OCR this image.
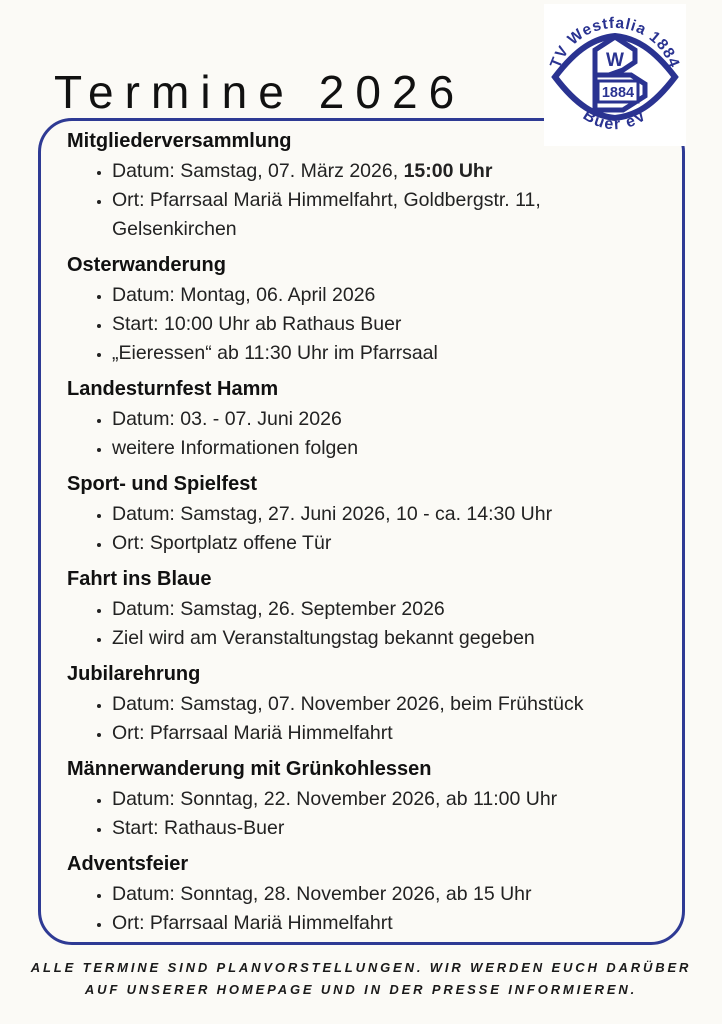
Termine 2026
TV Westfalia 1884
Buer eV
W
1884
Mitgliederversammlung
• Datum: Samstag, 07. März 2026, 15:00 Uhr
• Ort: Pfarrsaal Mariä Himmelfahrt, Goldbergstr. 11, Gelsenkirchen
Osterwanderung
• Datum: Montag, 06. April 2026
• Start: 10:00 Uhr ab Rathaus Buer
• „Eieressen“ ab 11:30 Uhr im Pfarrsaal
Landesturnfest Hamm
• Datum: 03. - 07. Juni 2026
• weitere Informationen folgen
Sport- und Spielfest
• Datum: Samstag, 27. Juni 2026, 10 - ca. 14:30 Uhr
• Ort: Sportplatz offene Tür
Fahrt ins Blaue
• Datum: Samstag, 26. September 2026
• Ziel wird am Veranstaltungstag bekannt gegeben
Jubilarehrung
• Datum: Samstag, 07. November 2026, beim Frühstück
• Ort: Pfarrsaal Mariä Himmelfahrt
Männerwanderung mit Grünkohlessen
• Datum: Sonntag, 22. November 2026, ab 11:00 Uhr
• Start: Rathaus-Buer
Adventsfeier
• Datum: Sonntag, 28. November 2026, ab 15 Uhr
• Ort: Pfarrsaal Mariä Himmelfahrt
ALLE TERMINE SIND PLANVORSTELLUNGEN. WIR WERDEN EUCH DARÜBER
AUF UNSERER HOMEPAGE UND IN DER PRESSE INFORMIEREN.
